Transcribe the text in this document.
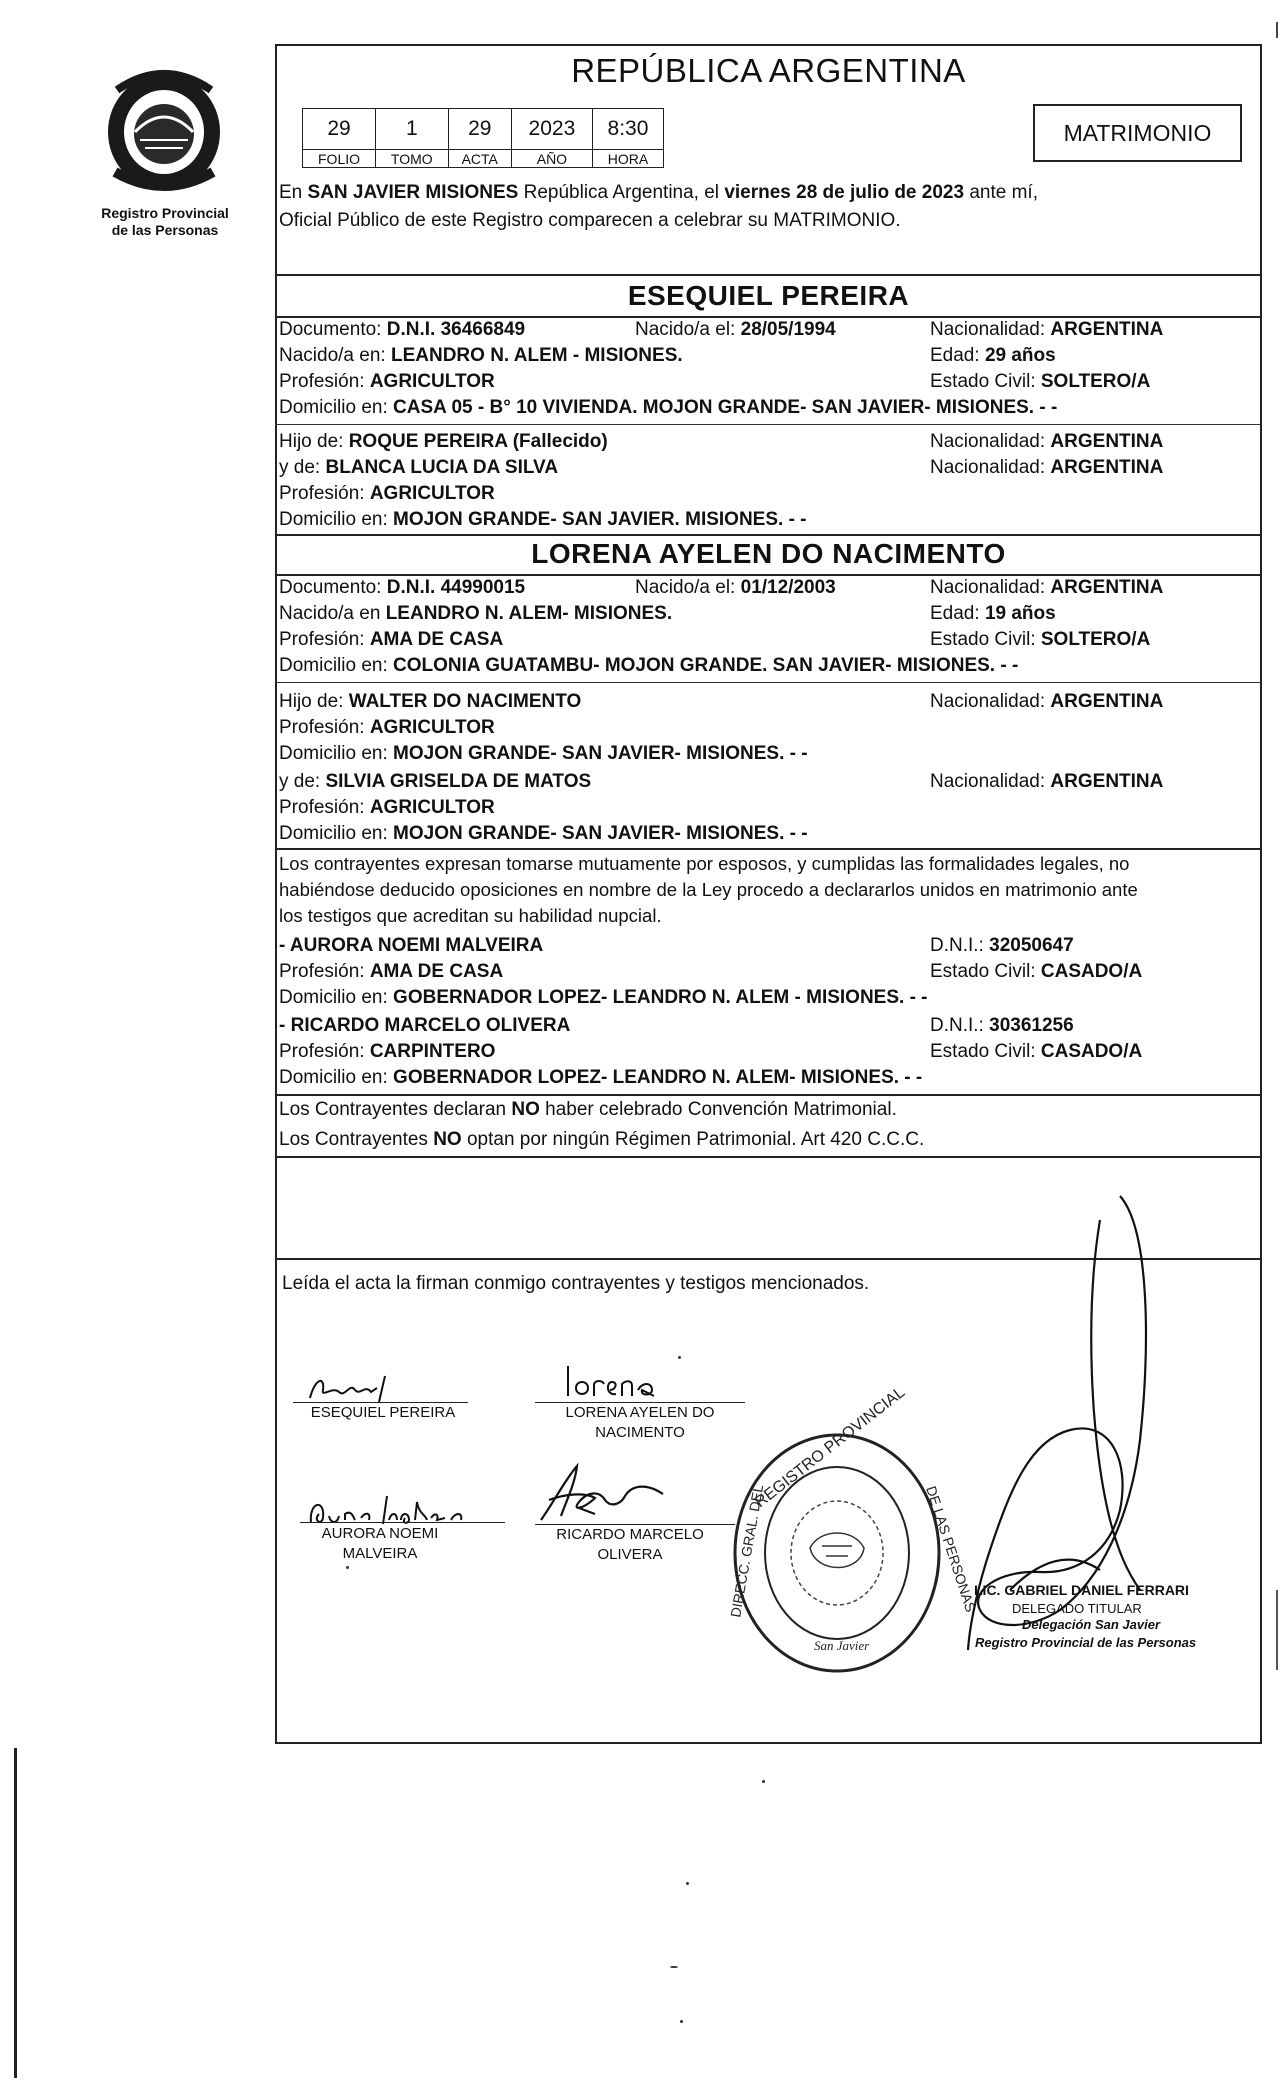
Registro Provincial
de las Personas
REPÚBLICA ARGENTINA
29	1	29	2023	8:30
FOLIO	TOMO	ACTA	AÑO	HORA
MATRIMONIO
En SAN JAVIER MISIONES República Argentina, el viernes 28 de julio de 2023 ante mí,
Oficial Público de este Registro comparecen a celebrar su MATRIMONIO.
ESEQUIEL PEREIRA
Documento: D.N.I. 36466849	Nacido/a el: 28/05/1994	Nacionalidad: ARGENTINA
Nacido/a en: LEANDRO N. ALEM - MISIONES.	Edad: 29 años
Profesión: AGRICULTOR	Estado Civil: SOLTERO/A
Domicilio en: CASA 05 - B° 10 VIVIENDA. MOJON GRANDE- SAN JAVIER- MISIONES. - -
Hijo de: ROQUE PEREIRA (Fallecido)	Nacionalidad: ARGENTINA
y de: BLANCA LUCIA DA SILVA	Nacionalidad: ARGENTINA
Profesión: AGRICULTOR
Domicilio en: MOJON GRANDE- SAN JAVIER. MISIONES. - -
LORENA AYELEN DO NACIMENTO
Documento: D.N.I. 44990015	Nacido/a el: 01/12/2003	Nacionalidad: ARGENTINA
Nacido/a en LEANDRO N. ALEM- MISIONES.	Edad: 19 años
Profesión: AMA DE CASA	Estado Civil: SOLTERO/A
Domicilio en: COLONIA GUATAMBU- MOJON GRANDE. SAN JAVIER- MISIONES. - -
Hijo de: WALTER DO NACIMENTO	Nacionalidad: ARGENTINA
Profesión: AGRICULTOR
Domicilio en: MOJON GRANDE- SAN JAVIER- MISIONES. - -
y de: SILVIA GRISELDA DE MATOS	Nacionalidad: ARGENTINA
Profesión: AGRICULTOR
Domicilio en: MOJON GRANDE- SAN JAVIER- MISIONES. - -
Los contrayentes expresan tomarse mutuamente por esposos, y cumplidas las formalidades legales, no
habiéndose deducido oposiciones en nombre de la Ley procedo a declararlos unidos en matrimonio ante
los testigos que acreditan su habilidad nupcial.
- AURORA NOEMI MALVEIRA	D.N.I.: 32050647
Profesión: AMA DE CASA	Estado Civil: CASADO/A
Domicilio en: GOBERNADOR LOPEZ- LEANDRO N. ALEM - MISIONES. - -
- RICARDO MARCELO OLIVERA	D.N.I.: 30361256
Profesión: CARPINTERO	Estado Civil: CASADO/A
Domicilio en: GOBERNADOR LOPEZ- LEANDRO N. ALEM- MISIONES. - -
Los Contrayentes declaran NO haber celebrado Convención Matrimonial.
Los Contrayentes NO optan por ningún Régimen Patrimonial. Art 420 C.C.C.
Leída el acta la firman conmigo contrayentes y testigos mencionados.
ESEQUIEL PEREIRA	LORENA AYELEN DO
NACIMENTO
AURORA NOEMI
MALVEIRA
RICARDO MARCELO
OLIVERA
REGISTRO PROVINCIAL
DIRECC. GRAL. DEL	DE LAS PERSONAS
San Javier
LIC. GABRIEL DANIEL FERRARI
DELEGADO TITULAR
Delegación San Javier
Registro Provincial de las Personas
